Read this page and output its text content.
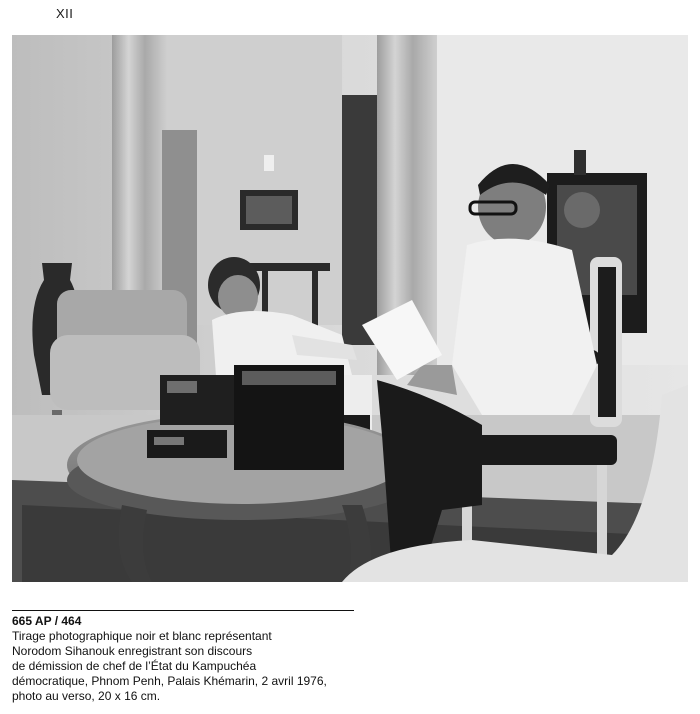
XII
665 AP / 464
Tirage photographique noir et blanc représentant
Norodom Sihanouk enregistrant son discours
de démission de chef de l’État du Kampuchéa
démocratique, Phnom Penh, Palais Khémarin, 2 avril 1976,
photo au verso, 20 x 16 cm.
